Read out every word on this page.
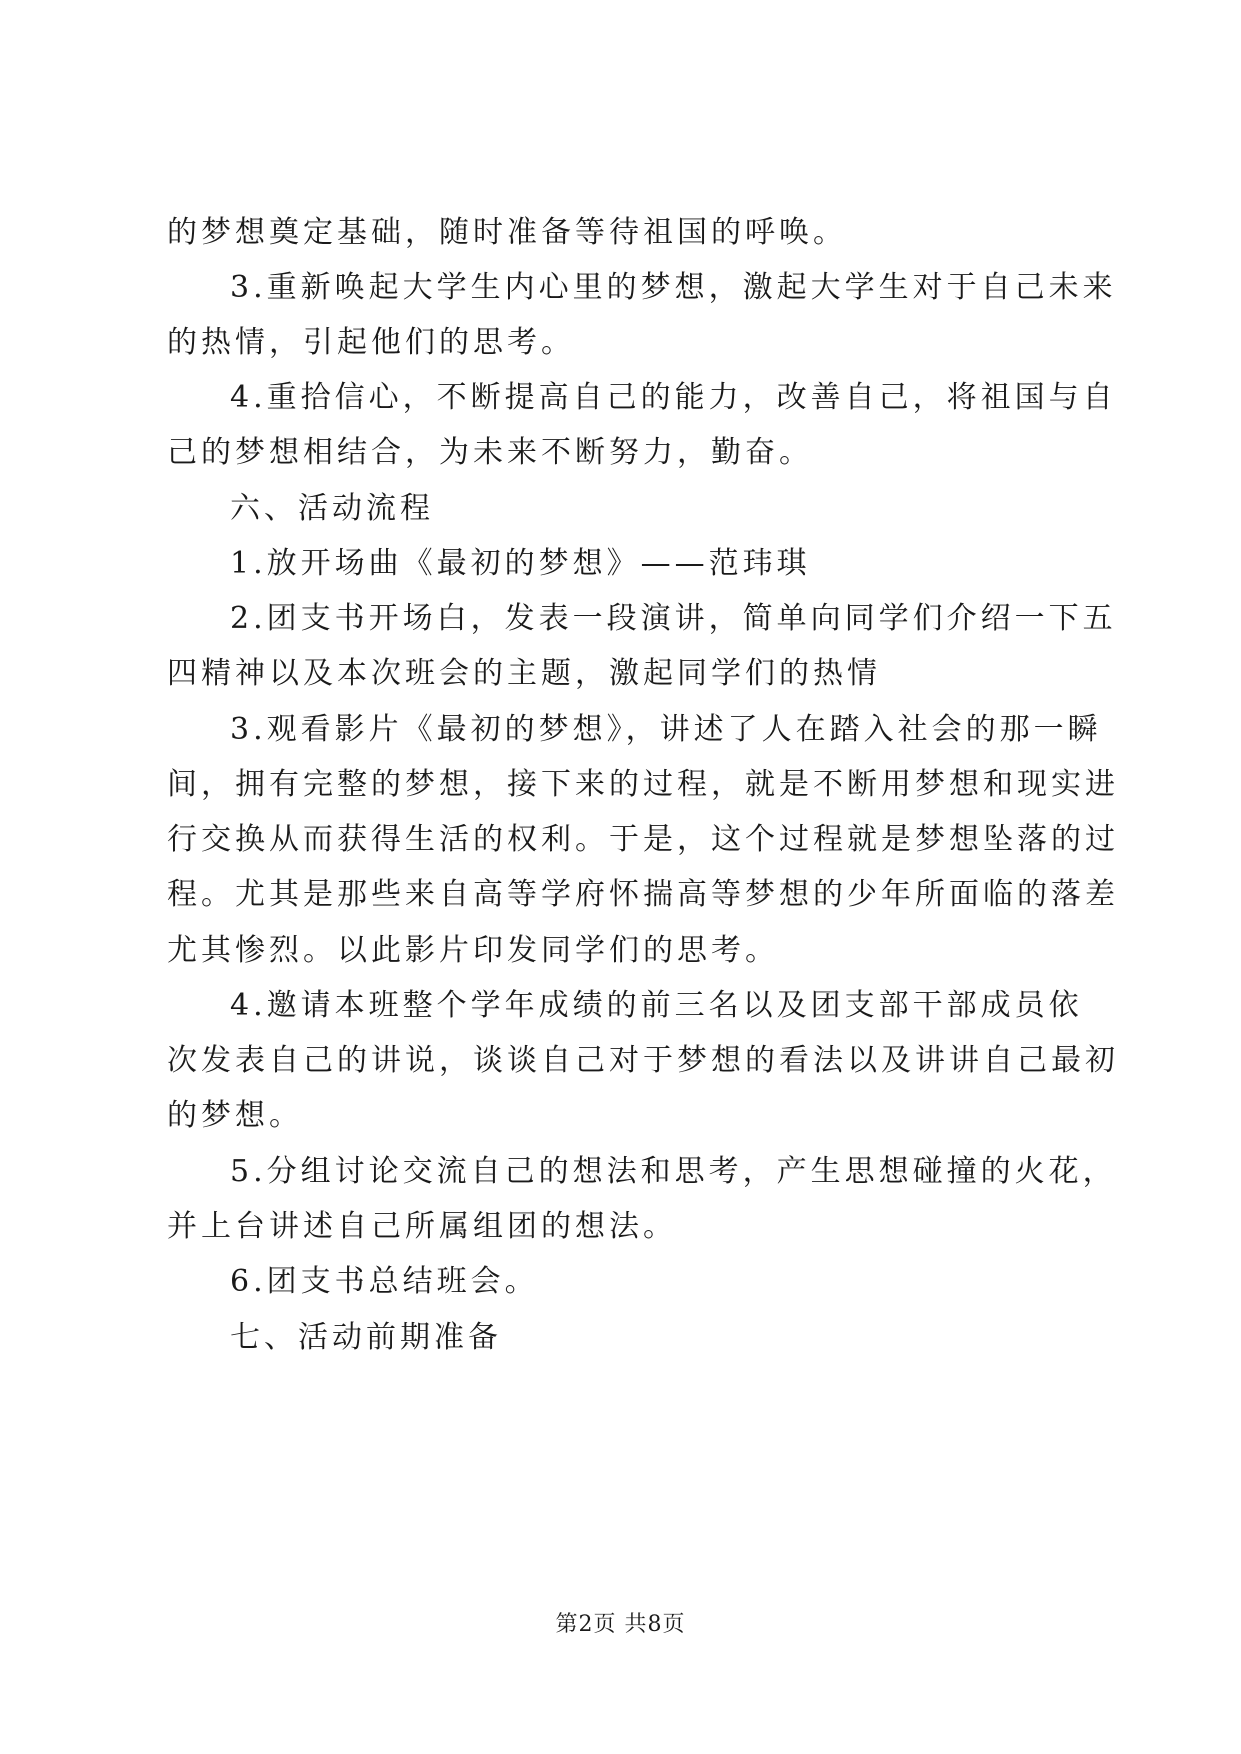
的梦想奠定基础，随时准备等待祖国的呼唤。
3.重新唤起大学生内心里的梦想，激起大学生对于自己未来
的热情，引起他们的思考。
4.重拾信心，不断提高自己的能力，改善自己，将祖国与自
己的梦想相结合，为未来不断努力，勤奋。
六、活动流程
1.放开场曲《最初的梦想》——范玮琪
2.团支书开场白，发表一段演讲，简单向同学们介绍一下五
四精神以及本次班会的主题，激起同学们的热情
3.观看影片《最初的梦想》，讲述了人在踏入社会的那一瞬
间，拥有完整的梦想，接下来的过程，就是不断用梦想和现实进
行交换从而获得生活的权利。于是，这个过程就是梦想坠落的过
程。尤其是那些来自高等学府怀揣高等梦想的少年所面临的落差
尤其惨烈。以此影片印发同学们的思考。
4.邀请本班整个学年成绩的前三名以及团支部干部成员依
次发表自己的讲说，谈谈自己对于梦想的看法以及讲讲自己最初
的梦想。
5.分组讨论交流自己的想法和思考，产生思想碰撞的火花，
并上台讲述自己所属组团的想法。
6.团支书总结班会。
七、活动前期准备
第2页 共8页
